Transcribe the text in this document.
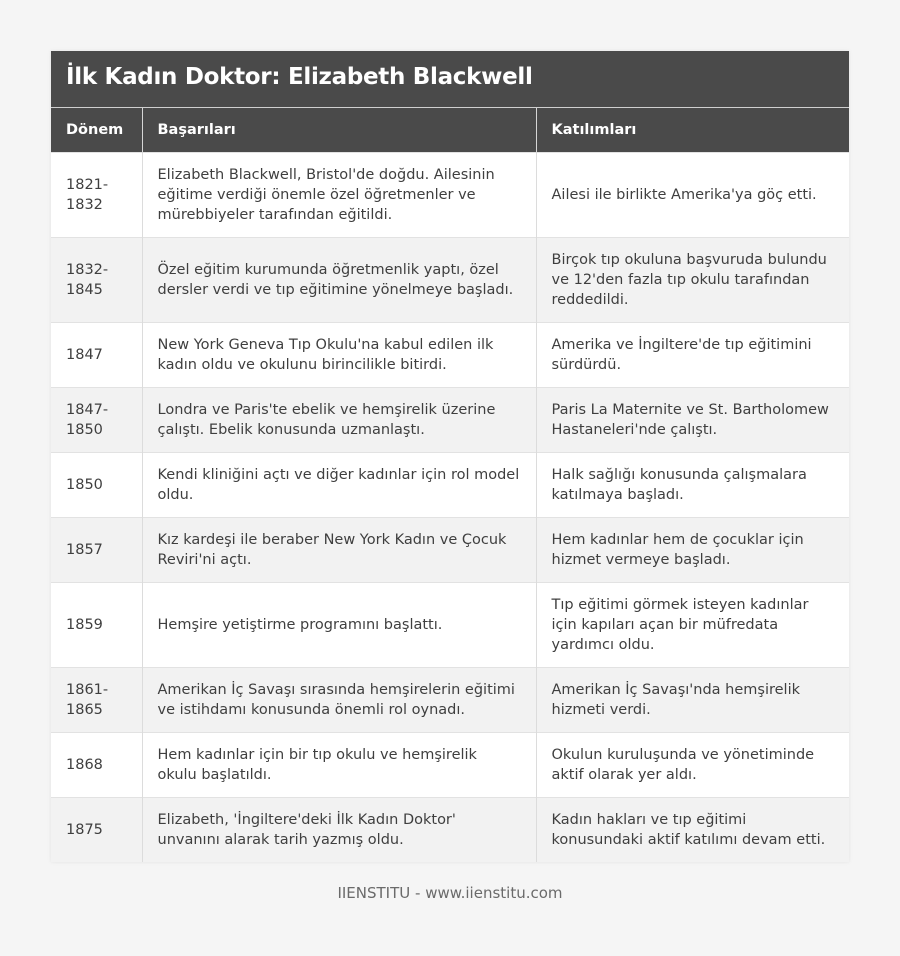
İlk Kadın Doktor: Elizabeth Blackwell
Dönem	Başarıları	Katılımları
1821-1832	Elizabeth Blackwell, Bristol'de doğdu. Ailesinin eğitime verdiği önemle özel öğretmenler ve mürebbiyeler tarafından eğitildi.	Ailesi ile birlikte Amerika'ya göç etti.
1832-1845	Özel eğitim kurumunda öğretmenlik yaptı, özel dersler verdi ve tıp eğitimine yönelmeye başladı.	Birçok tıp okuluna başvuruda bulundu ve 12'den fazla tıp okulu tarafından reddedildi.
1847	New York Geneva Tıp Okulu'na kabul edilen ilk kadın oldu ve okulunu birincilikle bitirdi.	Amerika ve İngiltere'de tıp eğitimini sürdürdü.
1847-1850	Londra ve Paris'te ebelik ve hemşirelik üzerine çalıştı. Ebelik konusunda uzmanlaştı.	Paris La Maternite ve St. Bartholomew Hastaneleri'nde çalıştı.
1850	Kendi kliniğini açtı ve diğer kadınlar için rol model oldu.	Halk sağlığı konusunda çalışmalara katılmaya başladı.
1857	Kız kardeşi ile beraber New York Kadın ve Çocuk Reviri'ni açtı.	Hem kadınlar hem de çocuklar için hizmet vermeye başladı.
1859	Hemşire yetiştirme programını başlattı.	Tıp eğitimi görmek isteyen kadınlar için kapıları açan bir müfredata yardımcı oldu.
1861-1865	Amerikan İç Savaşı sırasında hemşirelerin eğitimi ve istihdamı konusunda önemli rol oynadı.	Amerikan İç Savaşı'nda hemşirelik hizmeti verdi.
1868	Hem kadınlar için bir tıp okulu ve hemşirelik okulu başlatıldı.	Okulun kuruluşunda ve yönetiminde aktif olarak yer aldı.
1875	Elizabeth, 'İngiltere'deki İlk Kadın Doktor' unvanını alarak tarih yazmış oldu.	Kadın hakları ve tıp eğitimi konusundaki aktif katılımı devam etti.
IIENSTITU - www.iienstitu.com
